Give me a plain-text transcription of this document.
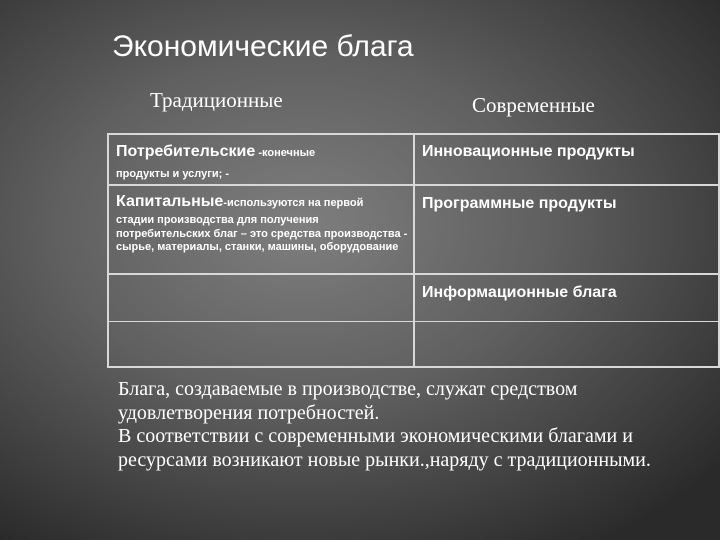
Экономические блага
Традиционные	Современные
Потребительские -конечные
продукты и услуги; -
Капитальные-используются на первой
стадии производства для получения потребительских благ – это средства производства - сырье, материалы, станки, машины, оборудование
Инновационные продукты
Программные продукты
Информационные блага

Блага, создаваемые в производстве, служат средством удовлетворения потребностей.

В соответствии с современными экономическими благами и ресурсами возникают новые рынки.,наряду с традиционными.
